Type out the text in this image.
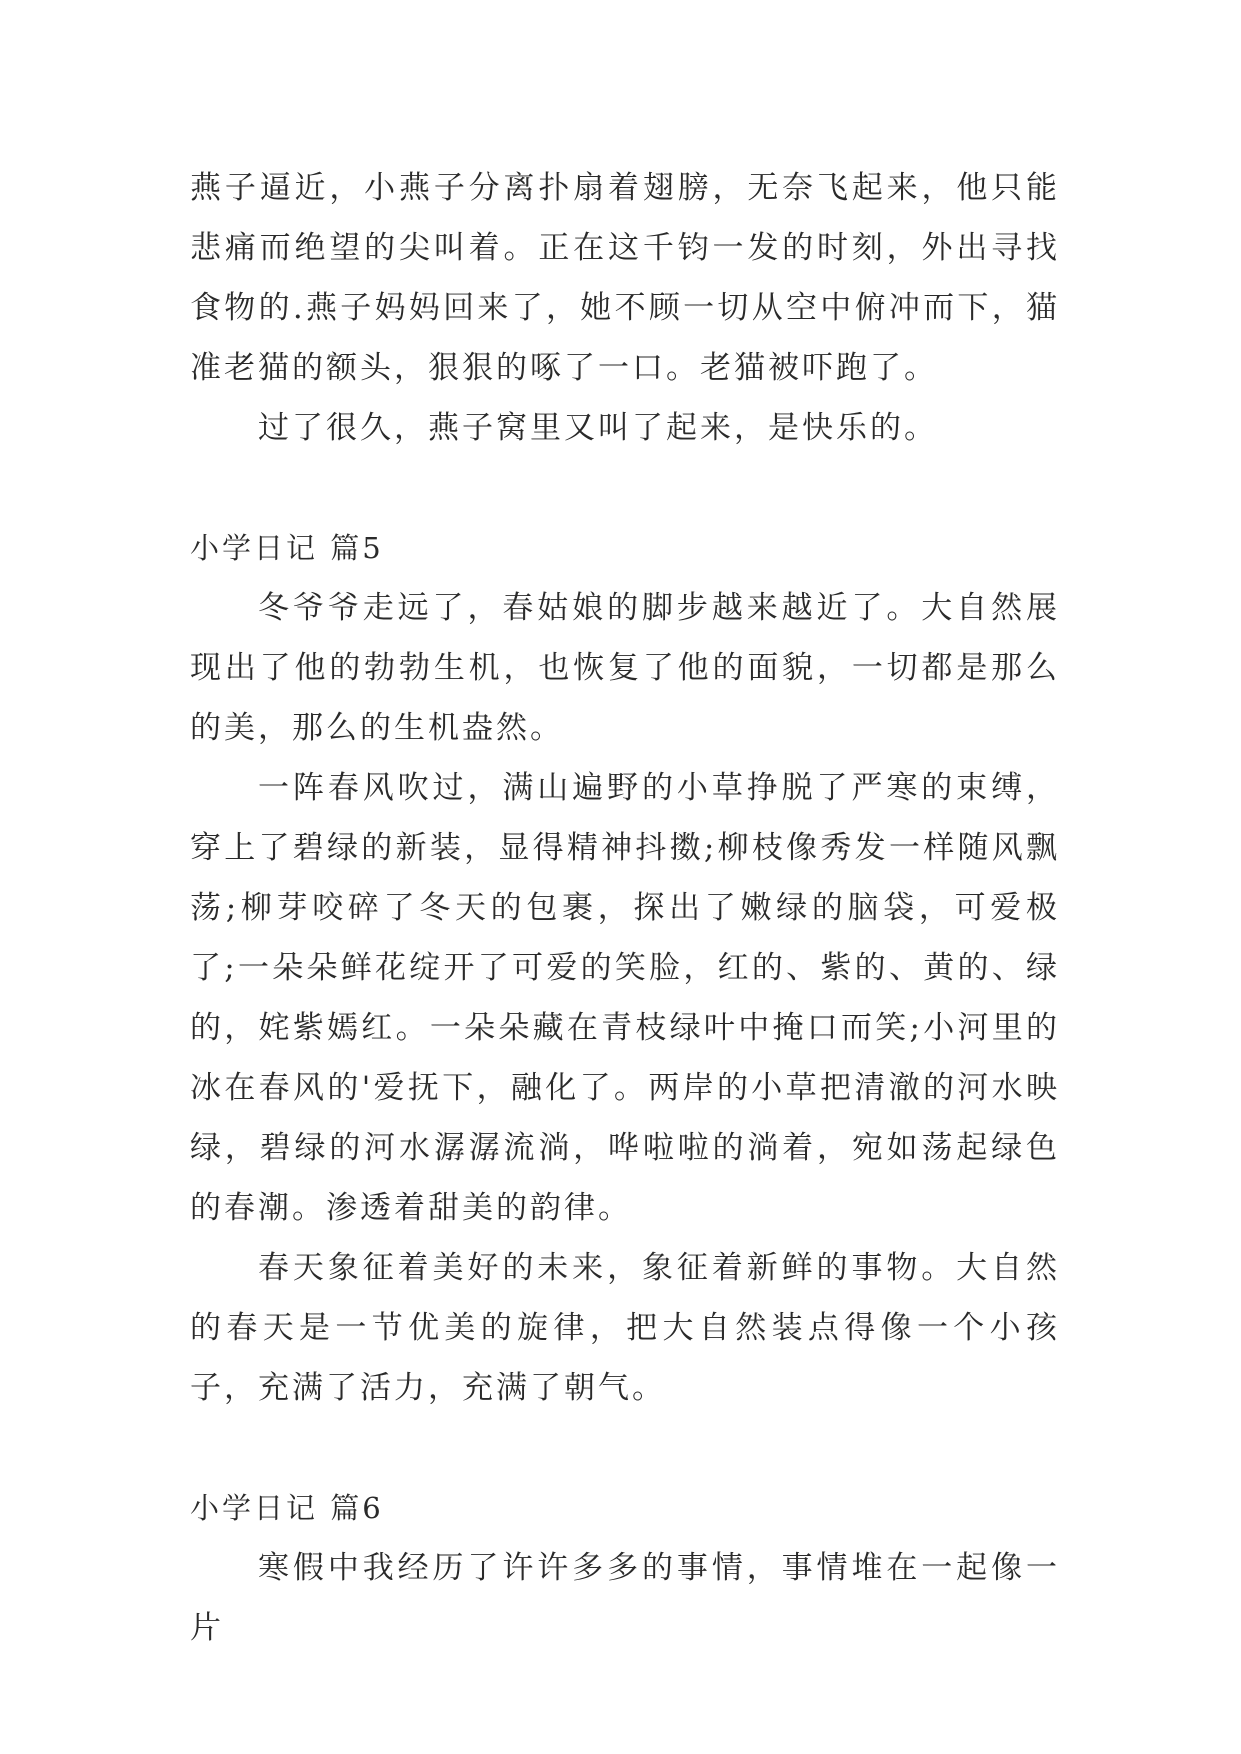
燕子逼近，小燕子分离扑扇着翅膀，无奈飞起来，他只能悲痛而绝望的尖叫着。正在这千钧一发的时刻，外出寻找食物的.燕子妈妈回来了，她不顾一切从空中俯冲而下，猫准老猫的额头，狠狠的啄了一口。老猫被吓跑了。

过了很久，燕子窝里又叫了起来，是快乐的。

小学日记 篇5

冬爷爷走远了，春姑娘的脚步越来越近了。大自然展现出了他的勃勃生机，也恢复了他的面貌，一切都是那么的美，那么的生机盎然。

一阵春风吹过，满山遍野的小草挣脱了严寒的束缚，穿上了碧绿的新装，显得精神抖擞;柳枝像秀发一样随风飘荡;柳芽咬碎了冬天的包裹，探出了嫩绿的脑袋，可爱极了;一朵朵鲜花绽开了可爱的笑脸，红的、紫的、黄的、绿的，姹紫嫣红。一朵朵藏在青枝绿叶中掩口而笑;小河里的冰在春风的'爱抚下，融化了。两岸的小草把清澈的河水映绿，碧绿的河水潺潺流淌，哗啦啦的淌着，宛如荡起绿色的春潮。渗透着甜美的韵律。

春天象征着美好的未来，象征着新鲜的事物。大自然的春天是一节优美的旋律，把大自然装点得像一个小孩子，充满了活力，充满了朝气。

小学日记 篇6

寒假中我经历了许许多多的事情，事情堆在一起像一片
